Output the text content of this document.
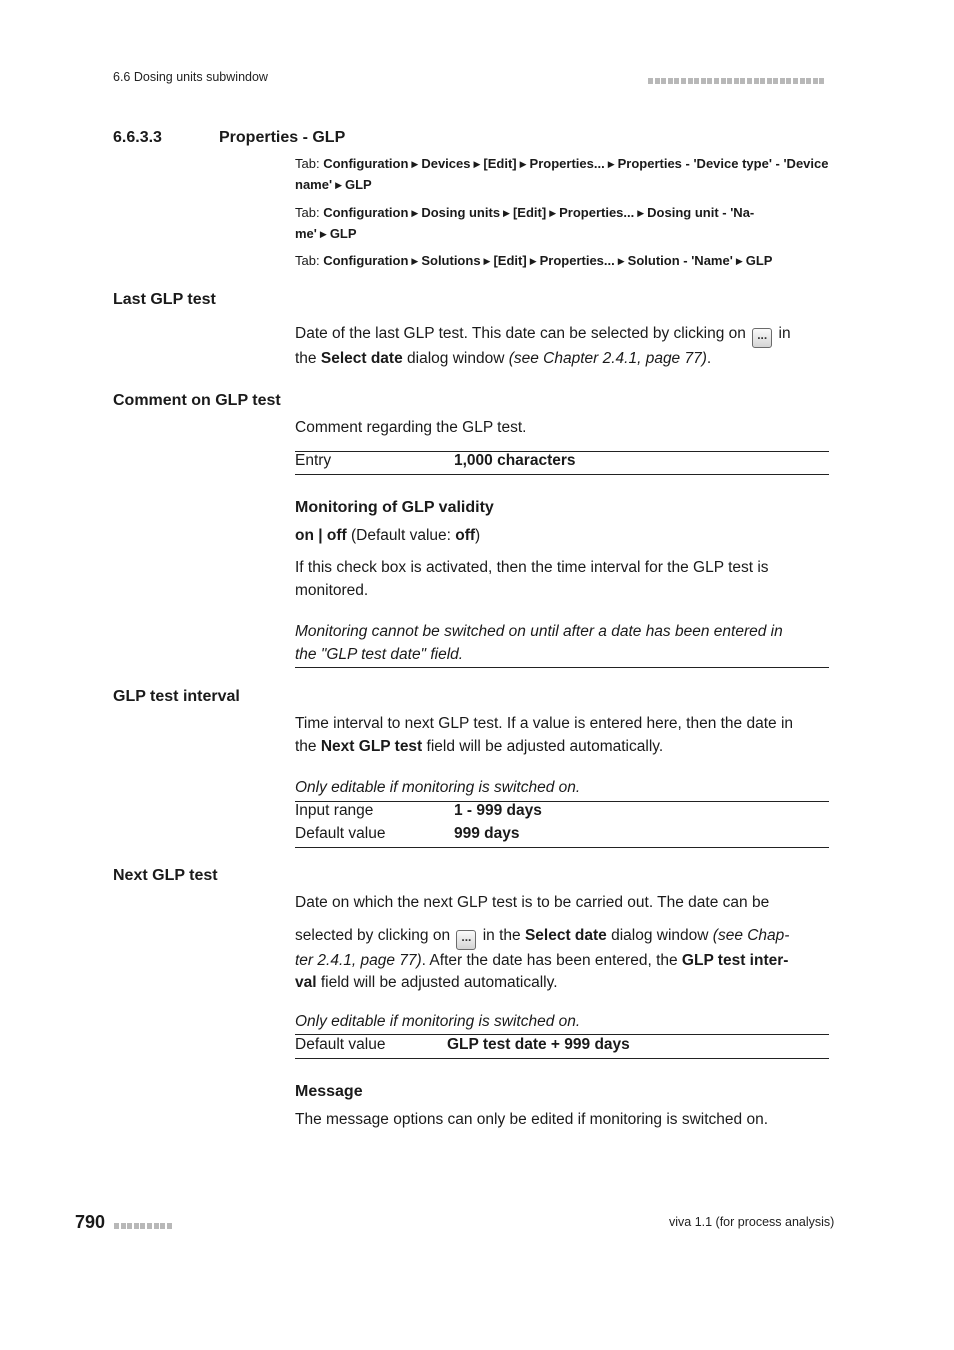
6.6 Dosing units subwindow
6.6.3.3	Properties - GLP
Tab: Configuration ▶ Devices ▶ [Edit] ▶ Properties... ▶ Properties - 'Device type' - 'Device name' ▶ GLP
Tab: Configuration ▶ Dosing units ▶ [Edit] ▶ Properties... ▶ Dosing unit - 'Na-me' ▶ GLP
Tab: Configuration ▶ Solutions ▶ [Edit] ▶ Properties... ▶ Solution - 'Name' ▶ GLP
Last GLP test
Date of the last GLP test. This date can be selected by clicking on ... in
the Select date dialog window (see Chapter 2.4.1, page 77).
Comment on GLP test
Comment regarding the GLP test.
Entry	1,000 characters
Monitoring of GLP validity
on | off (Default value: off)
If this check box is activated, then the time interval for the GLP test is
monitored.
Monitoring cannot be switched on until after a date has been entered in
the "GLP test date" field.
GLP test interval
Time interval to next GLP test. If a value is entered here, then the date in
the Next GLP test field will be adjusted automatically.
Only editable if monitoring is switched on.
Input range	1 - 999 days
Default value	999 days
Next GLP test
Date on which the next GLP test is to be carried out. The date can be
selected by clicking on ... in the Select date dialog window (see Chap-
ter 2.4.1, page 77). After the date has been entered, the GLP test inter-
val field will be adjusted automatically.
Only editable if monitoring is switched on.
Default value	GLP test date + 999 days
Message
The message options can only be edited if monitoring is switched on.
790	viva 1.1 (for process analysis)
